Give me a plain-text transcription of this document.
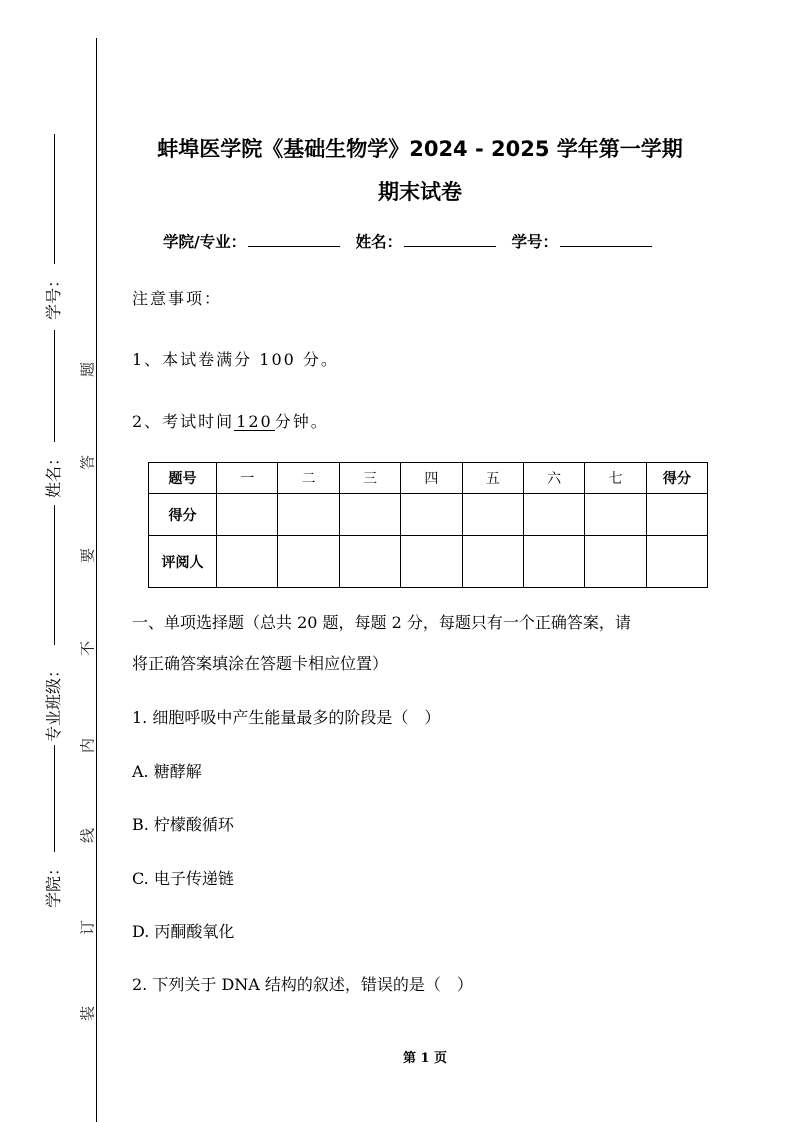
学号：
姓名：
专业班级：
学院：
题
答
要
不
内
线
订
装
蚌埠医学院《基础生物学》2024 - 2025 学年第一学期
期末试卷
学院/专业：	姓名：	学号：
注意事项：
1、本试卷满分 100 分。
2、考试时间120分钟。
题号	一	二	三	四	五	六	七	得分
得分								
评阅人								
一、单项选择题（总共 20 题，每题 2 分，每题只有一个正确答案，请
将正确答案填涂在答题卡相应位置）
1. 细胞呼吸中产生能量最多的阶段是（　）
A. 糖酵解
B. 柠檬酸循环
C. 电子传递链
D. 丙酮酸氧化
2. 下列关于 DNA 结构的叙述，错误的是（　）
第 1 页
